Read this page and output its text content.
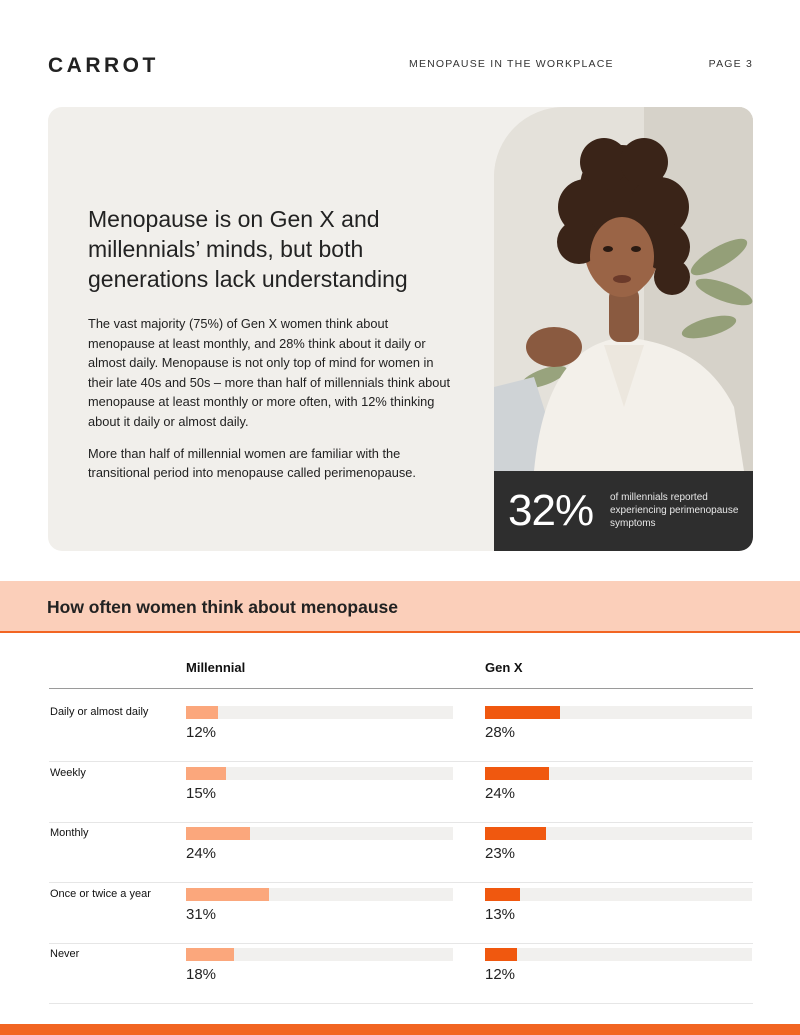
CARROT	MENOPAUSE IN THE WORKPLACE	PAGE 3
Menopause is on Gen X and millennials’ minds, but both generations lack understanding

The vast majority (75%) of Gen X women think about menopause at least monthly, and 28% think about it daily or almost daily. Menopause is not only top of mind for women in their late 40s and 50s – more than half of millennials think about menopause at least monthly or more often, with 12% thinking about it daily or almost daily.

More than half of millennial women are familiar with the transitional period into menopause called perimenopause.

32% of millennials reported experiencing perimenopause symptoms
How often women think about menopause
Millennial	Gen X
Daily or almost daily
12%	28%
Weekly
15%	24%
Monthly
24%	23%
Once or twice a year
31%	13%
Never
18%	12%
